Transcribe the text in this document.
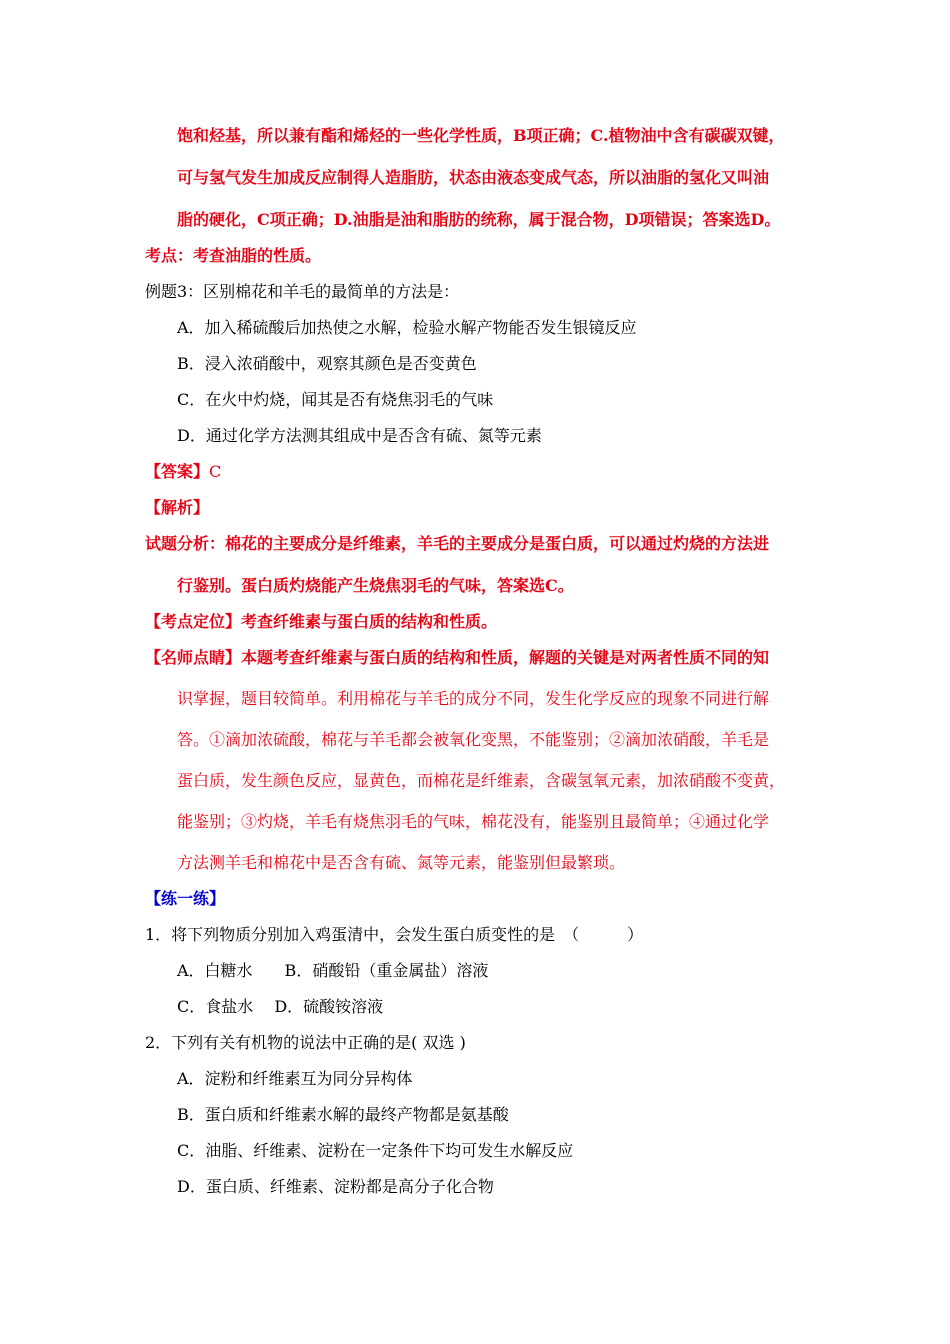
饱和烃基，所以兼有酯和烯烃的一些化学性质，B项正确；C.植物油中含有碳碳双键，
可与氢气发生加成反应制得人造脂肪，状态由液态变成气态，所以油脂的氢化又叫油
脂的硬化，C项正确；D.油脂是油和脂肪的统称，属于混合物，D项错误；答案选D。
考点：考查油脂的性质。
例题3：区别棉花和羊毛的最简单的方法是：
A．加入稀硫酸后加热使之水解，检验水解产物能否发生银镜反应
B．浸入浓硝酸中，观察其颜色是否变黄色
C．在火中灼烧，闻其是否有烧焦羽毛的气味
D．通过化学方法测其组成中是否含有硫、氮等元素
【答案】C
【解析】
试题分析：棉花的主要成分是纤维素，羊毛的主要成分是蛋白质，可以通过灼烧的方法进
行鉴别。蛋白质灼烧能产生烧焦羽毛的气味，答案选C。
【考点定位】考查纤维素与蛋白质的结构和性质。
【名师点睛】本题考查纤维素与蛋白质的结构和性质，解题的关键是对两者性质不同的知
识掌握，题目较简单。利用棉花与羊毛的成分不同，发生化学反应的现象不同进行解
答。①滴加浓硫酸，棉花与羊毛都会被氧化变黑，不能鉴别；②滴加浓硝酸，羊毛是
蛋白质，发生颜色反应，显黄色，而棉花是纤维素，含碳氢氧元素，加浓硝酸不变黄，
能鉴别；③灼烧，羊毛有烧焦羽毛的气味，棉花没有，能鉴别且最简单；④通过化学
方法测羊毛和棉花中是否含有硫、氮等元素，能鉴别但最繁琐。
【练一练】
1．将下列物质分别加入鸡蛋清中，会发生蛋白质变性的是　（　　　）
A．白糖水　　B．硝酸铅（重金属盐）溶液
C．食盐水　 D．硫酸铵溶液
2．下列有关有机物的说法中正确的是( 双选 )
A．淀粉和纤维素互为同分异构体
B．蛋白质和纤维素水解的最终产物都是氨基酸
C．油脂、纤维素、淀粉在一定条件下均可发生水解反应
D．蛋白质、纤维素、淀粉都是高分子化合物
